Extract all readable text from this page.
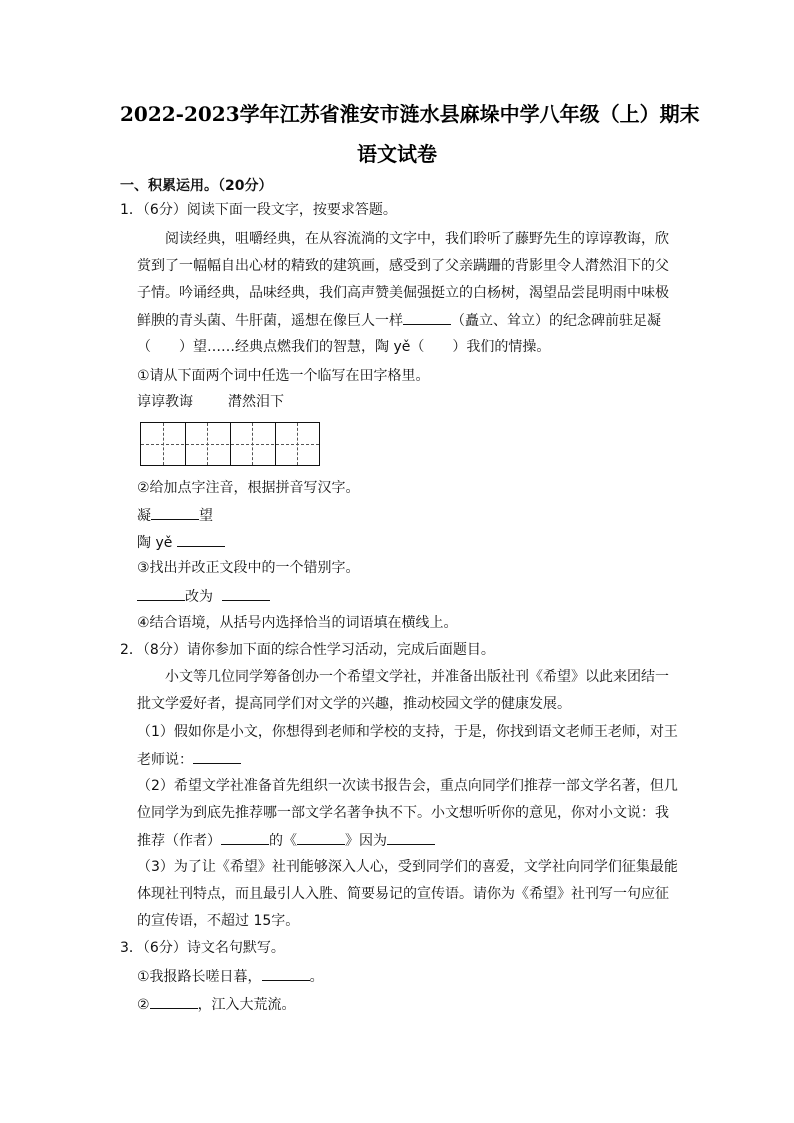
2022-2023学年江苏省淮安市涟水县麻垛中学八年级（上）期末
语文试卷
一、积累运用。（20分）
1．（6分）阅读下面一段文字，按要求答题。
阅读经典，咀嚼经典，在从容流淌的文字中，我们聆听了藤野先生的谆谆教诲，欣
赏到了一幅幅自出心材的精致的建筑画，感受到了父亲蹒跚的背影里令人潸然泪下的父
子情。吟诵经典，品味经典，我们高声赞美倔强挺立的白杨树，渴望品尝昆明雨中味极
鲜腴的青头菌、牛肝菌，遥想在像巨人一样	（矗立、耸立）的纪念碑前驻足凝
（　　）望……经典点燃我们的智慧，陶 yě（　　）我们的情操。
①请从下面两个词中任选一个临写在田字格里。
谆谆教诲	潸然泪下
②给加点字注音，根据拼音写汉字。
凝	望
陶 yě
③找出并改正文段中的一个错别字。
改为
④结合语境，从括号内选择恰当的词语填在横线上。
2．（8分）请你参加下面的综合性学习活动，完成后面题目。
小文等几位同学筹备创办一个希望文学社，并准备出版社刊《希望》以此来团结一
批文学爱好者，提高同学们对文学的兴趣，推动校园文学的健康发展。
（1）假如你是小文，你想得到老师和学校的支持，于是，你找到语文老师王老师，对王
老师说：
（2）希望文学社准备首先组织一次读书报告会，重点向同学们推荐一部文学名著，但几
位同学为到底先推荐哪一部文学名著争执不下。小文想听听你的意见，你对小文说：我
推荐（作者）	的《	》因为
（3）为了让《希望》社刊能够深入人心，受到同学们的喜爱，文学社向同学们征集最能
体现社刊特点，而且最引人入胜、简要易记的宣传语。请你为《希望》社刊写一句应征
的宣传语，不超过 15字。
3．（6分）诗文名句默写。
①我报路长嗟日暮，	。
②	，江入大荒流。
